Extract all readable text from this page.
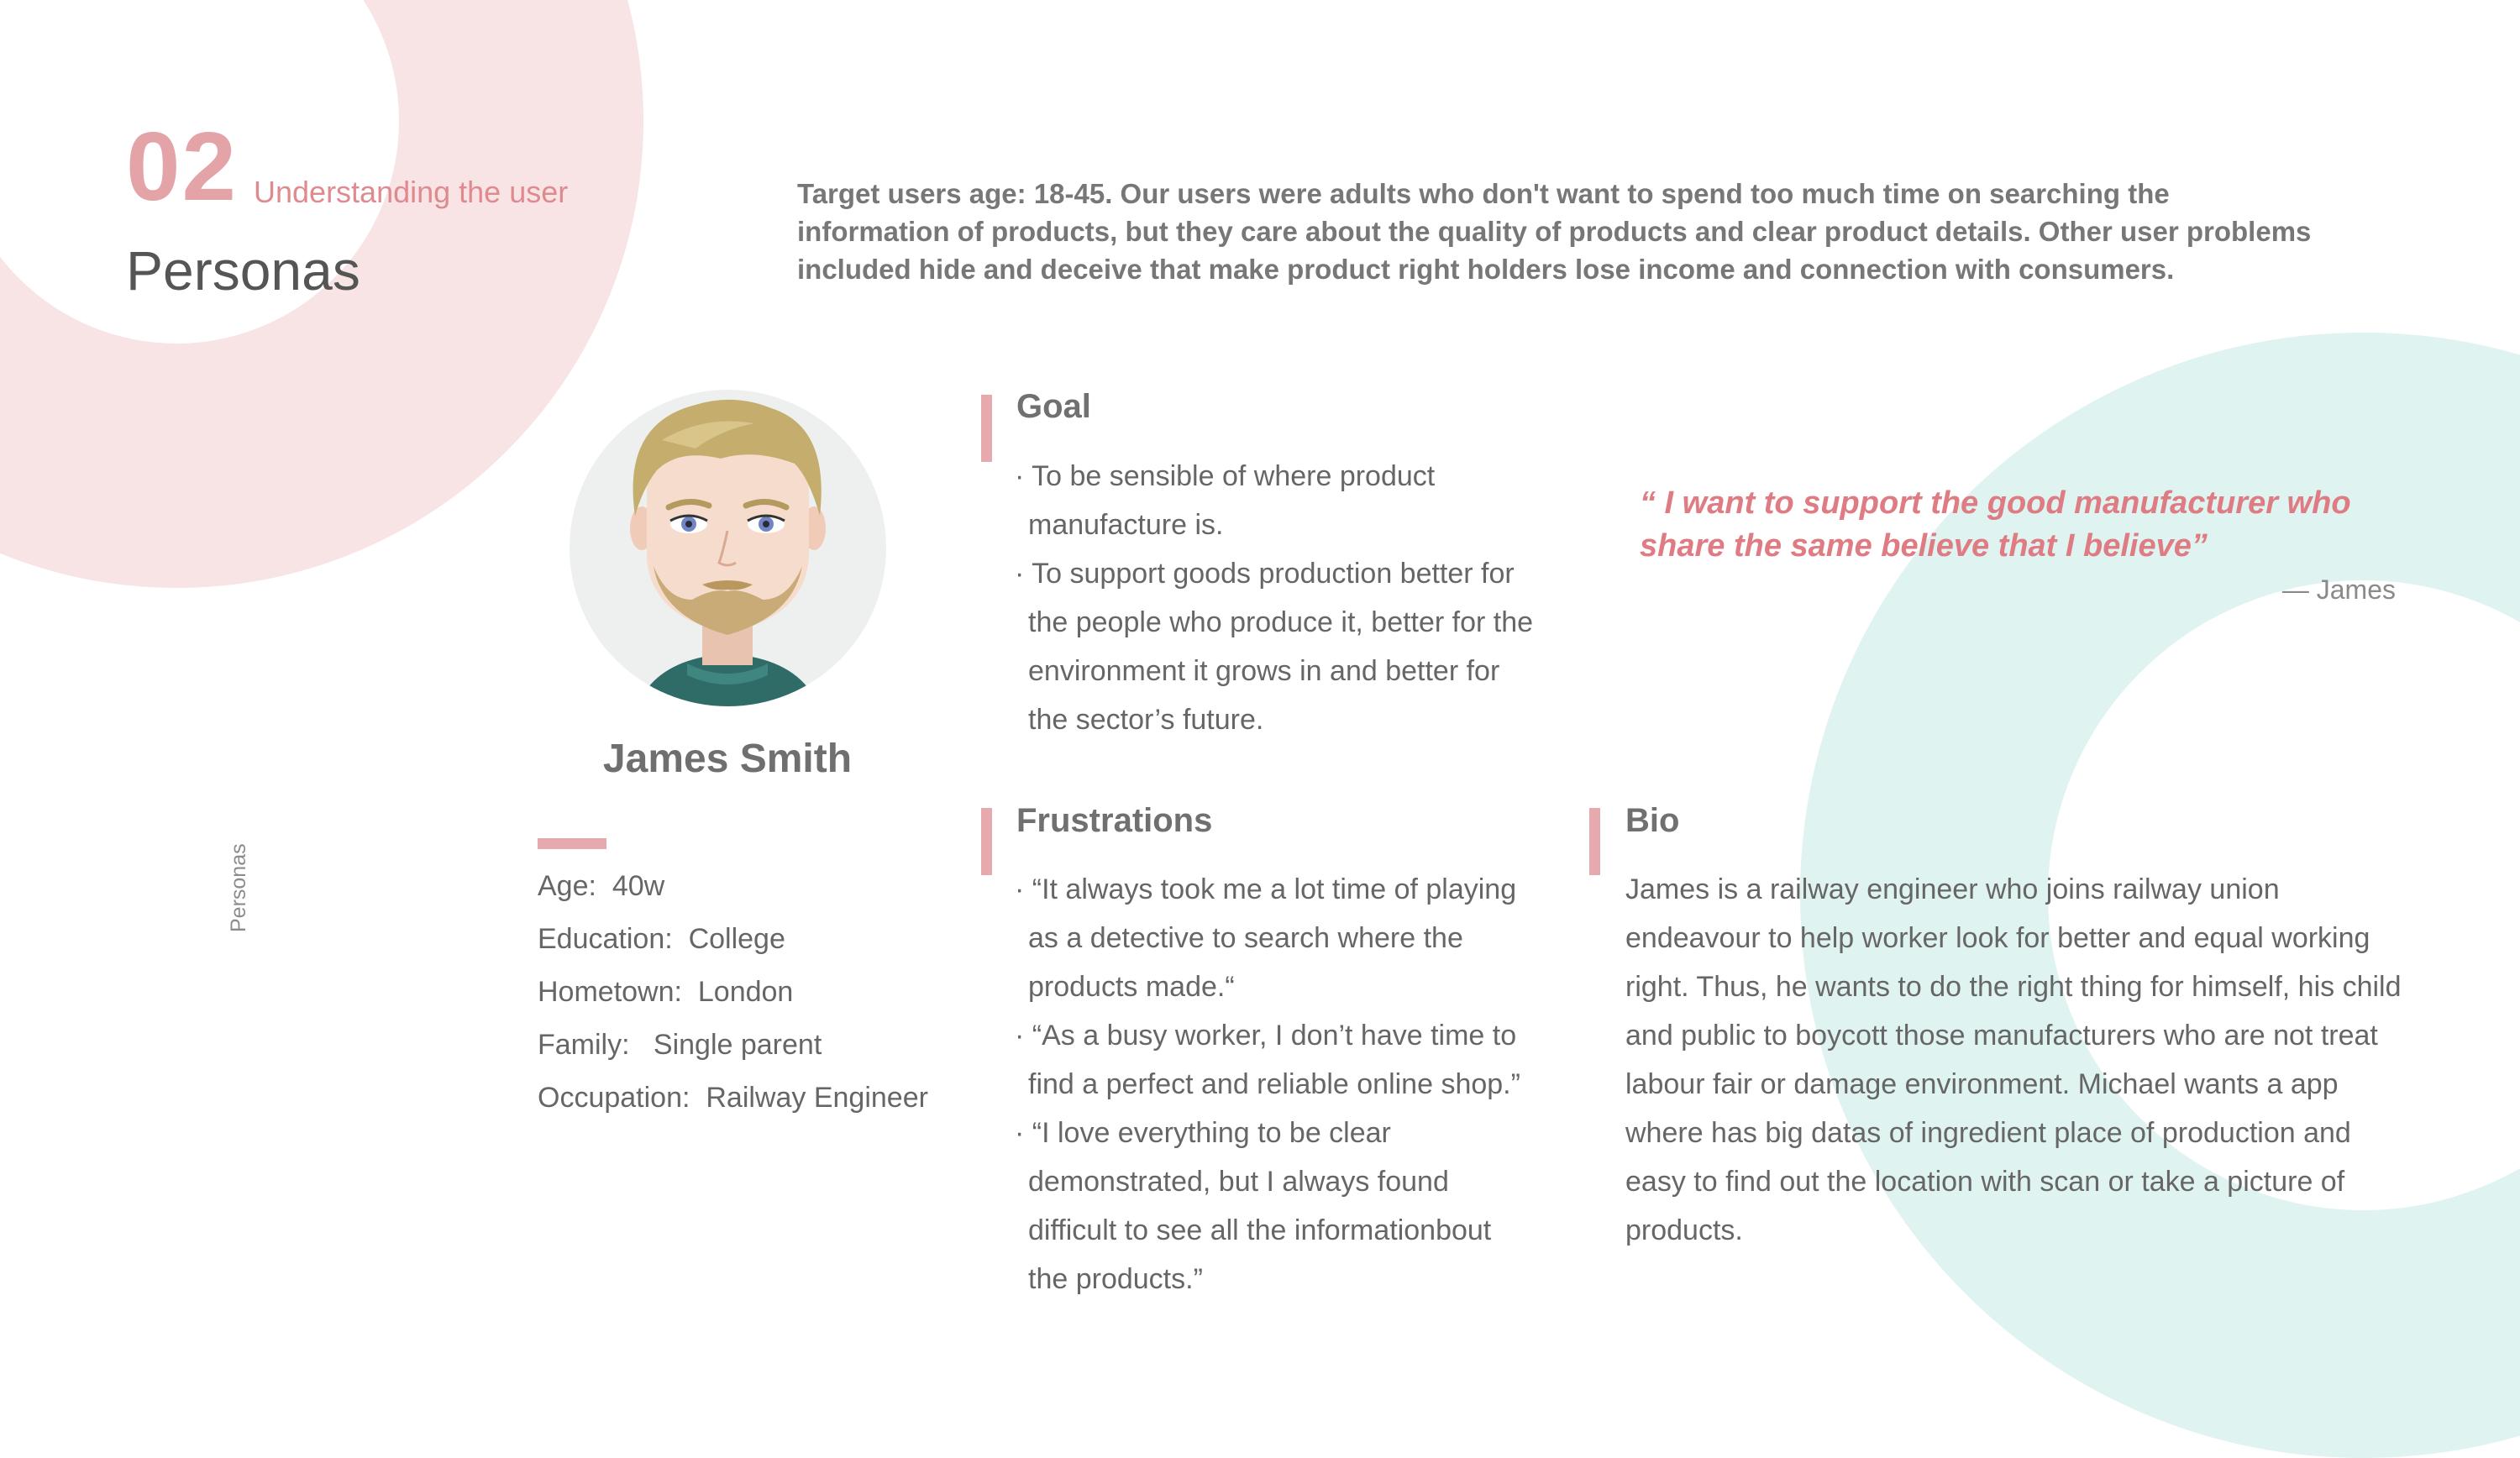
02 Understanding the user
Personas
Target users age: 18-45. Our users were adults who don't want to spend too much time on searching the information of products, but they care about the quality of products and clear product details. Other user problems included hide and deceive that make product right holders lose income and connection with consumers.
Personas
James Smith
Age: 40w
Education: College
Hometown: London
Family: Single parent
Occupation: Railway Engineer
Goal
· To be sensible of where product manufacture is.
· To support goods production better for the people who produce it, better for the environment it grows in and better for the sector’s future.
Frustrations
· “It always took me a lot time of playing as a detective to search where the products made.“
· “As a busy worker, I don’t have time to find a perfect and reliable online shop.”
· “I love everything to be clear demonstrated, but I always found difficult to see all the informationbout the products.”
“ I want to support the good manufacturer who share the same believe that I believe”
— James
Bio
James is a railway engineer who joins railway union endeavour to help worker look for better and equal working right. Thus, he wants to do the right thing for himself, his child and public to boycott those manufacturers who are not treat labour fair or damage environment. Michael wants a app where has big datas of ingredient place of production and easy to find out the location with scan or take a picture of products.
